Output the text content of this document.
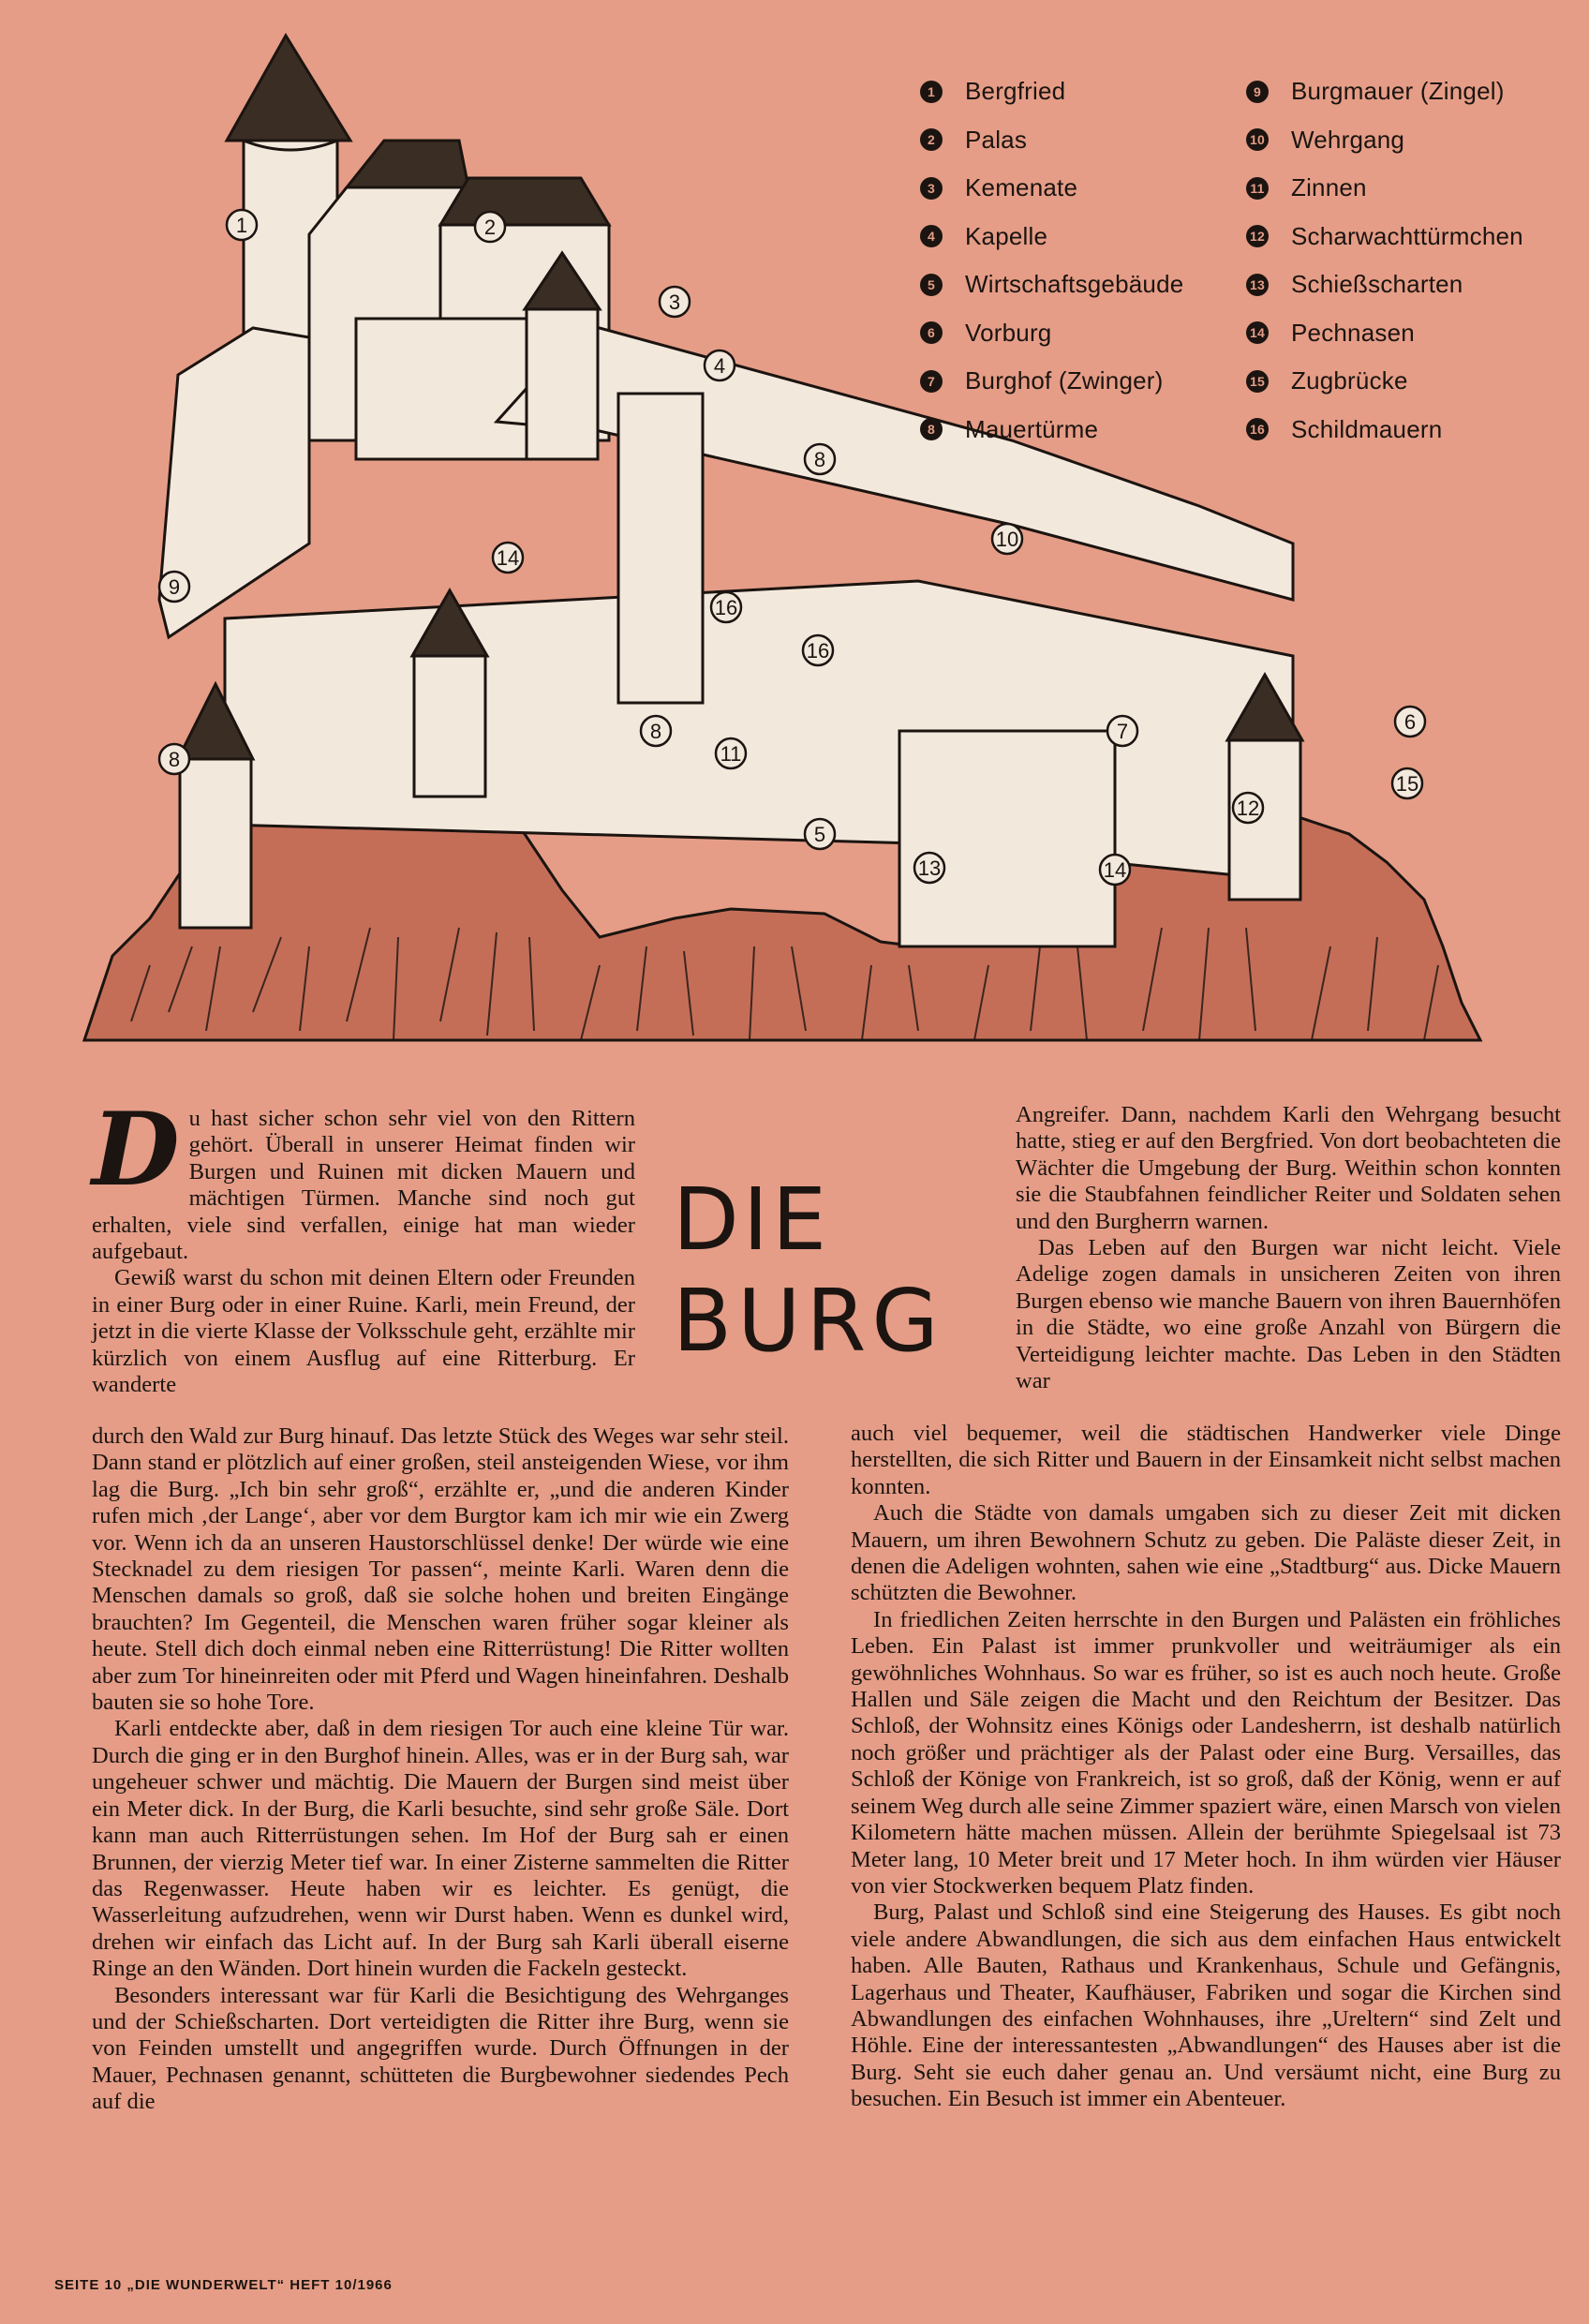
1	2
3
4
8
9
10
14
16
16
8
8
11
7	6
15
12
5
13	14
1	Bergfried
2	Palas
3	Kemenate
4	Kapelle
5	Wirtschaftsgebäude
6	Vorburg
7	Burghof (Zwinger)
8	Mauertürme
9	Burgmauer (Zingel)
10 Wehrgang
11 Zinnen
12 Scharwachttürmchen
13 Schießscharten
14 Pechnasen
15 Zugbrücke
16 Schildmauern
DIE
BURG
D u hast sicher schon sehr viel von den Rittern gehört. Überall in unserer Heimat finden wir Burgen und Ruinen mit dicken Mauern und mächtigen Türmen. Manche sind noch gut erhalten, viele sind verfallen, einige hat man wieder aufgebaut.

Gewiß warst du schon mit deinen Eltern oder Freunden in einer Burg oder in einer Ruine. Karli, mein Freund, der jetzt in die vierte Klasse der Volksschule geht, erzählte mir kürzlich von einem Ausflug auf eine Ritterburg. Er wanderte

durch den Wald zur Burg hinauf. Das letzte Stück des Weges war sehr steil. Dann stand er plötzlich auf einer großen, steil ansteigenden Wiese, vor ihm lag die Burg. „Ich bin sehr groß“, erzählte er, „und die anderen Kinder rufen mich ‚der Lange‘, aber vor dem Burgtor kam ich mir wie ein Zwerg vor. Wenn ich da an unseren Haustorschlüssel denke! Der würde wie eine Stecknadel zu dem riesigen Tor passen“, meinte Karli. Waren denn die Menschen damals so groß, daß sie solche hohen und breiten Eingänge brauchten? Im Gegenteil, die Menschen waren früher sogar kleiner als heute. Stell dich doch einmal neben eine Ritterrüstung! Die Ritter wollten aber zum Tor hineinreiten oder mit Pferd und Wagen hineinfahren. Deshalb bauten sie so hohe Tore.

Karli entdeckte aber, daß in dem riesigen Tor auch eine kleine Tür war. Durch die ging er in den Burghof hinein. Alles, was er in der Burg sah, war ungeheuer schwer und mächtig. Die Mauern der Burgen sind meist über ein Meter dick. In der Burg, die Karli besuchte, sind sehr große Säle. Dort kann man auch Ritterrüstungen sehen. Im Hof der Burg sah er einen Brunnen, der vierzig Meter tief war. In einer Zisterne sammelten die Ritter das Regenwasser. Heute haben wir es leichter. Es genügt, die Wasserleitung aufzudrehen, wenn wir Durst haben. Wenn es dunkel wird, drehen wir einfach das Licht auf. In der Burg sah Karli überall eiserne Ringe an den Wänden. Dort hinein wurden die Fackeln gesteckt.

Besonders interessant war für Karli die Besichtigung des Wehrganges und der Schießscharten. Dort verteidigten die Ritter ihre Burg, wenn sie von Feinden umstellt und angegriffen wurde. Durch Öffnungen in der Mauer, Pechnasen genannt, schütteten die Burgbewohner siedendes Pech auf die

Angreifer. Dann, nachdem Karli den Wehrgang besucht hatte, stieg er auf den Bergfried. Von dort beobachteten die Wächter die Umgebung der Burg. Weithin schon konnten sie die Staubfahnen feindlicher Reiter und Soldaten sehen und den Burgherrn warnen.

Das Leben auf den Burgen war nicht leicht. Viele Adelige zogen damals in unsicheren Zeiten von ihren Burgen ebenso wie manche Bauern von ihren Bauernhöfen in die Städte, wo eine große Anzahl von Bürgern die Verteidigung leichter machte. Das Leben in den Städten war

auch viel bequemer, weil die städtischen Handwerker viele Dinge herstellten, die sich Ritter und Bauern in der Einsamkeit nicht selbst machen konnten.

Auch die Städte von damals umgaben sich zu dieser Zeit mit dicken Mauern, um ihren Bewohnern Schutz zu geben. Die Paläste dieser Zeit, in denen die Adeligen wohnten, sahen wie eine „Stadtburg“ aus. Dicke Mauern schützten die Bewohner.

In friedlichen Zeiten herrschte in den Burgen und Palästen ein fröhliches Leben. Ein Palast ist immer prunkvoller und weiträumiger als ein gewöhnliches Wohnhaus. So war es früher, so ist es auch noch heute. Große Hallen und Säle zeigen die Macht und den Reichtum der Besitzer. Das Schloß, der Wohnsitz eines Königs oder Landesherrn, ist deshalb natürlich noch größer und prächtiger als der Palast oder eine Burg. Versailles, das Schloß der Könige von Frankreich, ist so groß, daß der König, wenn er auf seinem Weg durch alle seine Zimmer spaziert wäre, einen Marsch von vielen Kilometern hätte machen müssen. Allein der berühmte Spiegelsaal ist 73 Meter lang, 10 Meter breit und 17 Meter hoch. In ihm würden vier Häuser von vier Stockwerken bequem Platz finden.

Burg, Palast und Schloß sind eine Steigerung des Hauses. Es gibt noch viele andere Abwandlungen, die sich aus dem einfachen Haus entwickelt haben. Alle Bauten, Rathaus und Krankenhaus, Schule und Gefängnis, Lagerhaus und Theater, Kaufhäuser, Fabriken und sogar die Kirchen sind Abwandlungen des einfachen Wohnhauses, ihre „Ureltern“ sind Zelt und Höhle. Eine der interessantesten „Abwandlungen“ des Hauses aber ist die Burg. Seht sie euch daher genau an. Und versäumt nicht, eine Burg zu besuchen. Ein Besuch ist immer ein Abenteuer.

SEITE 10 „DIE WUNDERWELT“ HEFT 10/1966
